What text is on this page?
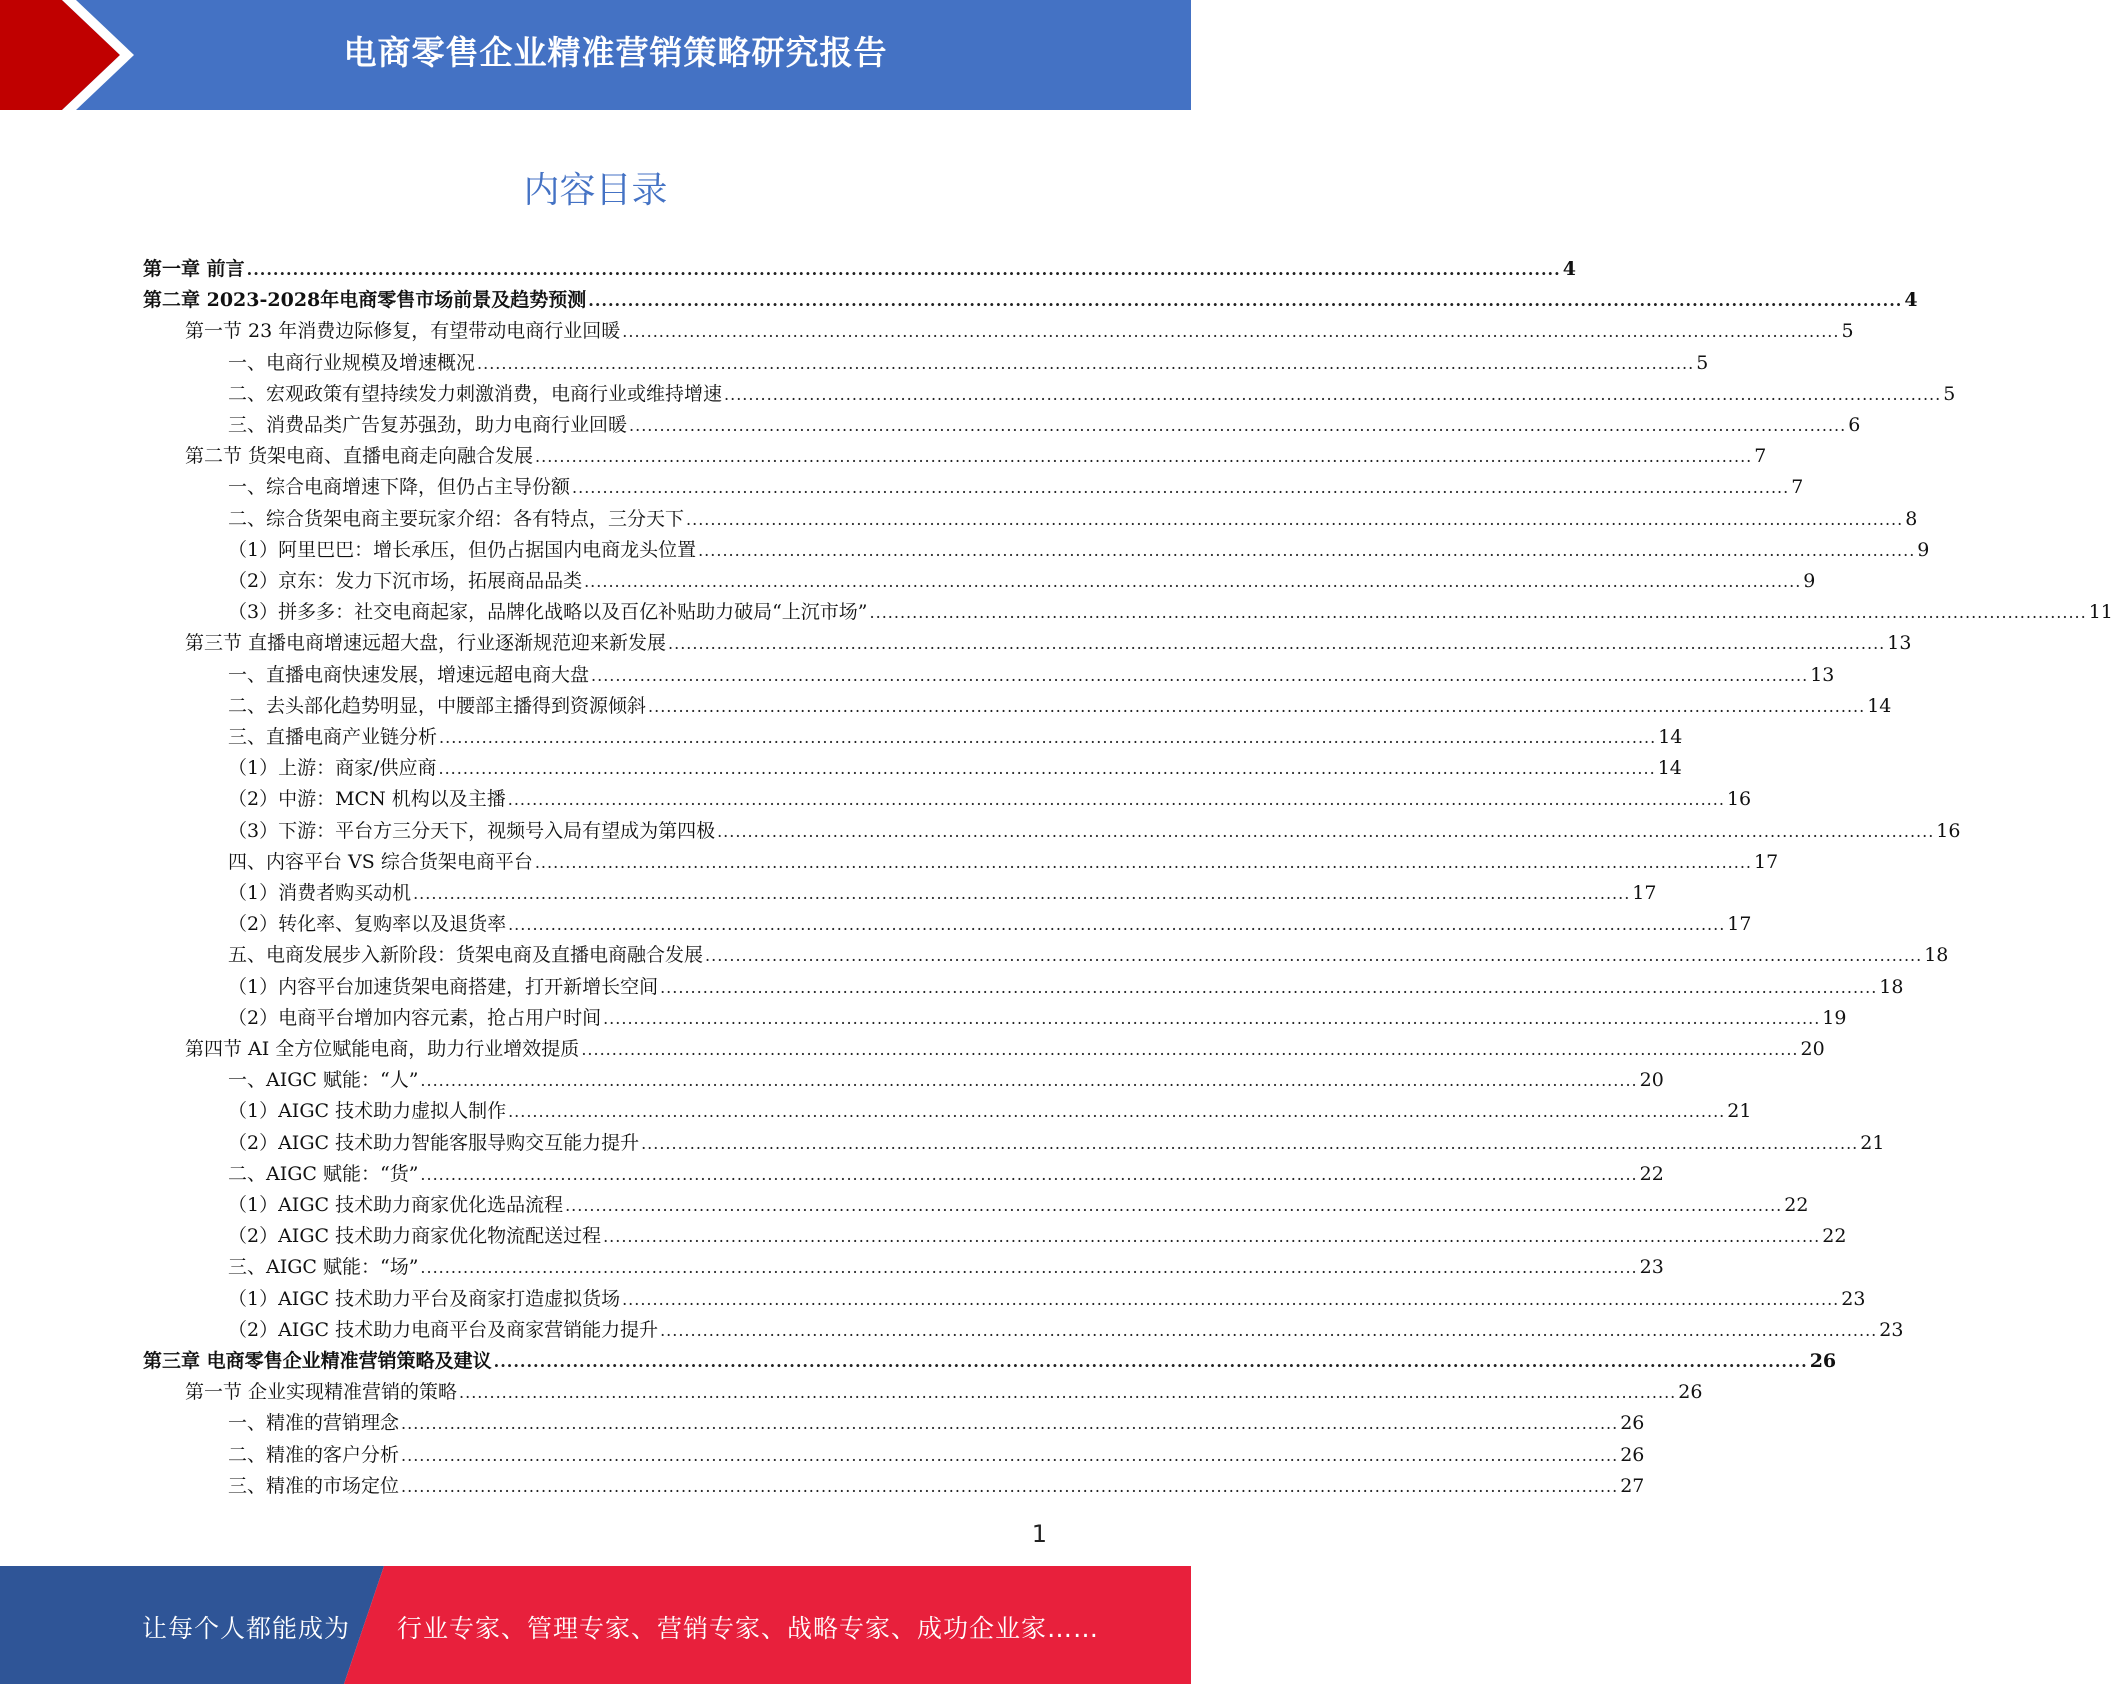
电商零售企业精准营销策略研究报告
内容目录
第一章 前言 ........................................................................................................................................................................................................ 4
第二章 2023-2028年电商零售市场前景及趋势预测 ........................................................................................................................................................................................................ 4
第一节 23 年消费边际修复，有望带动电商行业回暖 ........................................................................................................................................................................................................ 5
一、电商行业规模及增速概况 ........................................................................................................................................................................................................ 5
二、宏观政策有望持续发力刺激消费，电商行业或维持增速 ........................................................................................................................................................................................................ 5
三、消费品类广告复苏强劲，助力电商行业回暖 ........................................................................................................................................................................................................ 6
第二节 货架电商、直播电商走向融合发展 ........................................................................................................................................................................................................ 7
一、综合电商增速下降，但仍占主导份额 ........................................................................................................................................................................................................ 7
二、综合货架电商主要玩家介绍：各有特点，三分天下 ........................................................................................................................................................................................................ 8
（1）阿里巴巴：增长承压，但仍占据国内电商龙头位置 ........................................................................................................................................................................................................ 9
（2）京东：发力下沉市场，拓展商品品类 ........................................................................................................................................................................................................ 9
（3）拼多多：社交电商起家，品牌化战略以及百亿补贴助力破局“上沉市场” ........................................................................................................................................................................................................ 11
第三节 直播电商增速远超大盘，行业逐渐规范迎来新发展 ........................................................................................................................................................................................................ 13
一、直播电商快速发展，增速远超电商大盘 ........................................................................................................................................................................................................ 13
二、去头部化趋势明显，中腰部主播得到资源倾斜 ........................................................................................................................................................................................................ 14
三、直播电商产业链分析 ........................................................................................................................................................................................................ 14
（1）上游：商家/供应商 ........................................................................................................................................................................................................ 14
（2）中游：MCN 机构以及主播 ........................................................................................................................................................................................................ 16
（3）下游：平台方三分天下，视频号入局有望成为第四极 ........................................................................................................................................................................................................ 16
四、内容平台 VS 综合货架电商平台 ........................................................................................................................................................................................................ 17
（1）消费者购买动机 ........................................................................................................................................................................................................ 17
（2）转化率、复购率以及退货率 ........................................................................................................................................................................................................ 17
五、电商发展步入新阶段：货架电商及直播电商融合发展 ........................................................................................................................................................................................................ 18
（1）内容平台加速货架电商搭建，打开新增长空间 ........................................................................................................................................................................................................ 18
（2）电商平台增加内容元素，抢占用户时间 ........................................................................................................................................................................................................ 19
第四节 AI 全方位赋能电商，助力行业增效提质 ........................................................................................................................................................................................................ 20
一、AIGC 赋能：“人” ........................................................................................................................................................................................................ 20
（1）AIGC 技术助力虚拟人制作 ........................................................................................................................................................................................................ 21
（2）AIGC 技术助力智能客服导购交互能力提升 ........................................................................................................................................................................................................ 21
二、AIGC 赋能：“货” ........................................................................................................................................................................................................ 22
（1）AIGC 技术助力商家优化选品流程 ........................................................................................................................................................................................................ 22
（2）AIGC 技术助力商家优化物流配送过程 ........................................................................................................................................................................................................ 22
三、AIGC 赋能：“场” ........................................................................................................................................................................................................ 23
（1）AIGC 技术助力平台及商家打造虚拟货场 ........................................................................................................................................................................................................ 23
（2）AIGC 技术助力电商平台及商家营销能力提升 ........................................................................................................................................................................................................ 23
第三章 电商零售企业精准营销策略及建议 ........................................................................................................................................................................................................ 26
第一节 企业实现精准营销的策略 ........................................................................................................................................................................................................ 26
一、精准的营销理念 ........................................................................................................................................................................................................ 26
二、精准的客户分析 ........................................................................................................................................................................................................ 26
三、精准的市场定位 ........................................................................................................................................................................................................ 27
1
让每个人都能成为 行业专家、管理专家、营销专家、战略专家、成功企业家……
